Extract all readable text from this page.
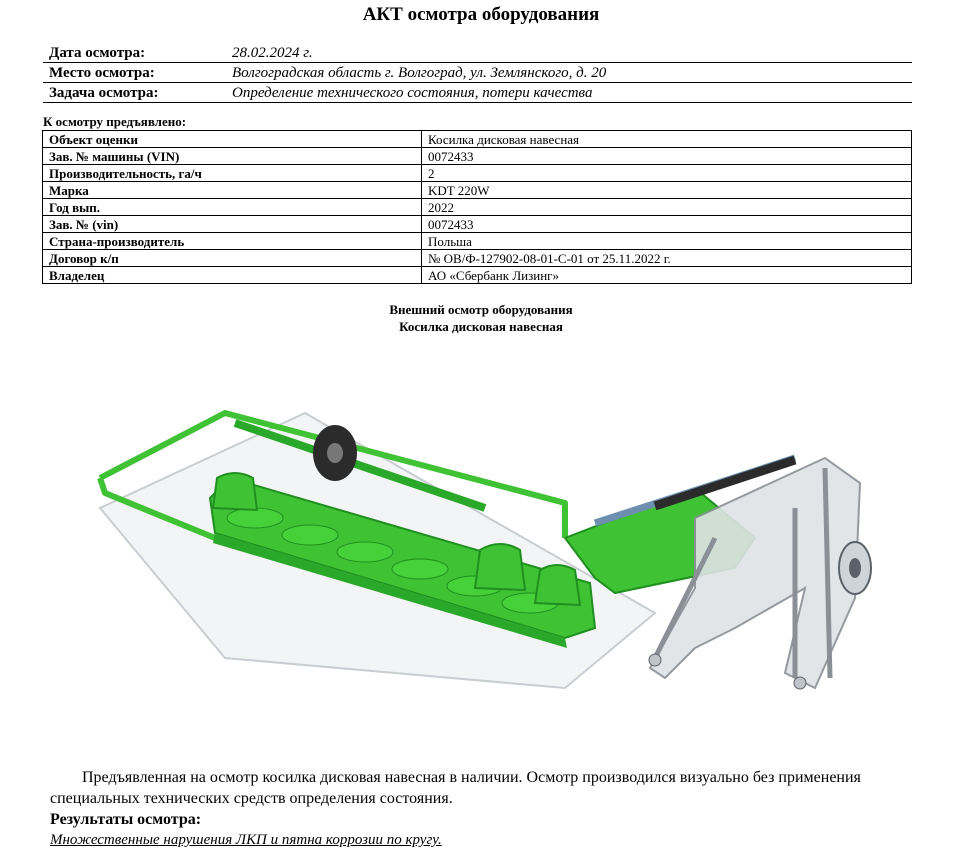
АКТ осмотра оборудования
Дата осмотра:	28.02.2024 г.
Место осмотра:	Волгоградская область г. Волгоград, ул. Землянского, д. 20
Задача осмотра:	Определение технического состояния, потери качества
К осмотру предъявлено:
Объект оценки	Косилка дисковая навесная
Зав. № машины (VIN)	0072433
Производительность, га/ч	2
Марка	KDT 220W
Год вып.	2022
Зав. № (vin)	0072433
Страна-производитель	Польша
Договор к/п	№ ОВ/Ф-127902-08-01-С-01 от 25.11.2022 г.
Владелец	АО «Сбербанк Лизинг»
Внешний осмотр оборудования
Косилка дисковая навесная
Предъявленная на осмотр косилка дисковая навесная в наличии. Осмотр производился визуально без применения специальных технических средств определения состояния.
Результаты осмотра:
Множественные нарушения ЛКП и пятна коррозии по кругу.
